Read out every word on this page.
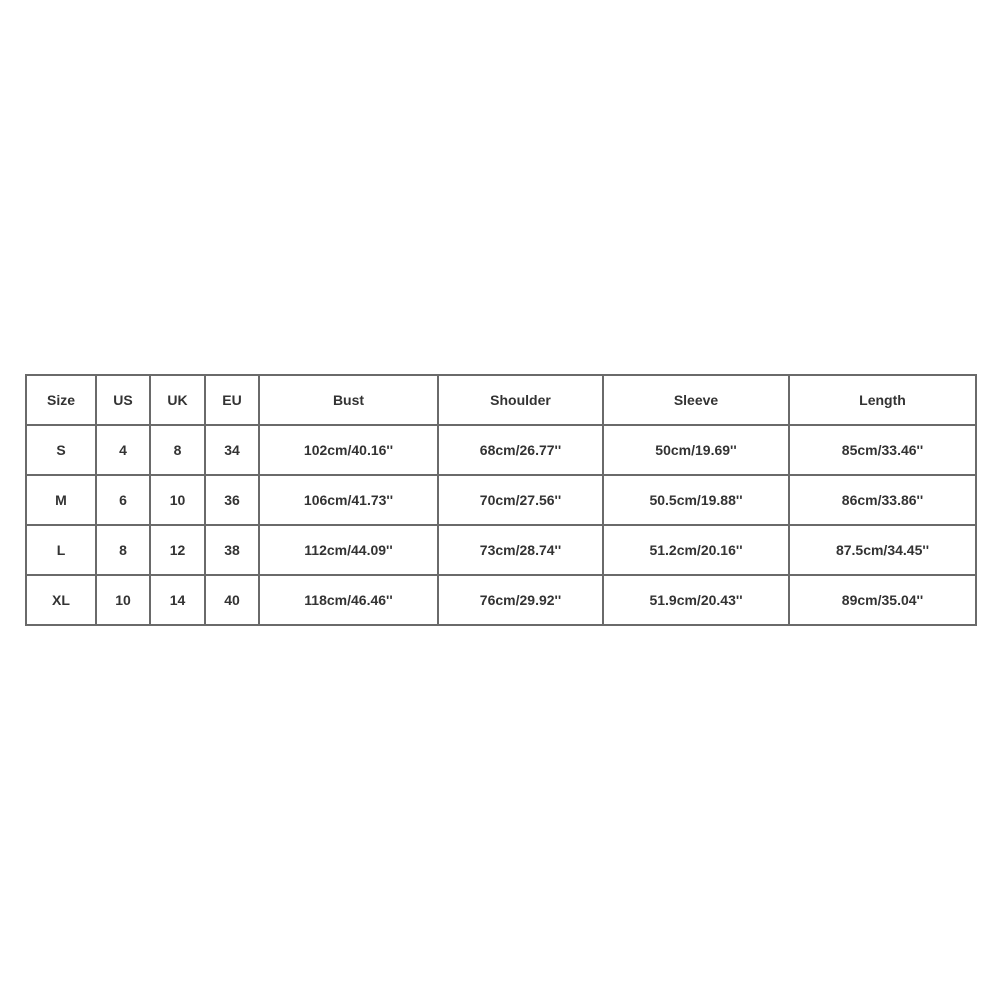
Size	US	UK	EU	Bust	Shoulder	Sleeve	Length
S	4	8	34	102cm/40.16''	68cm/26.77''	50cm/19.69''	85cm/33.46''
M	6	10	36	106cm/41.73''	70cm/27.56''	50.5cm/19.88''	86cm/33.86''
L	8	12	38	112cm/44.09''	73cm/28.74''	51.2cm/20.16''	87.5cm/34.45''
XL	10	14	40	118cm/46.46''	76cm/29.92''	51.9cm/20.43''	89cm/35.04''
